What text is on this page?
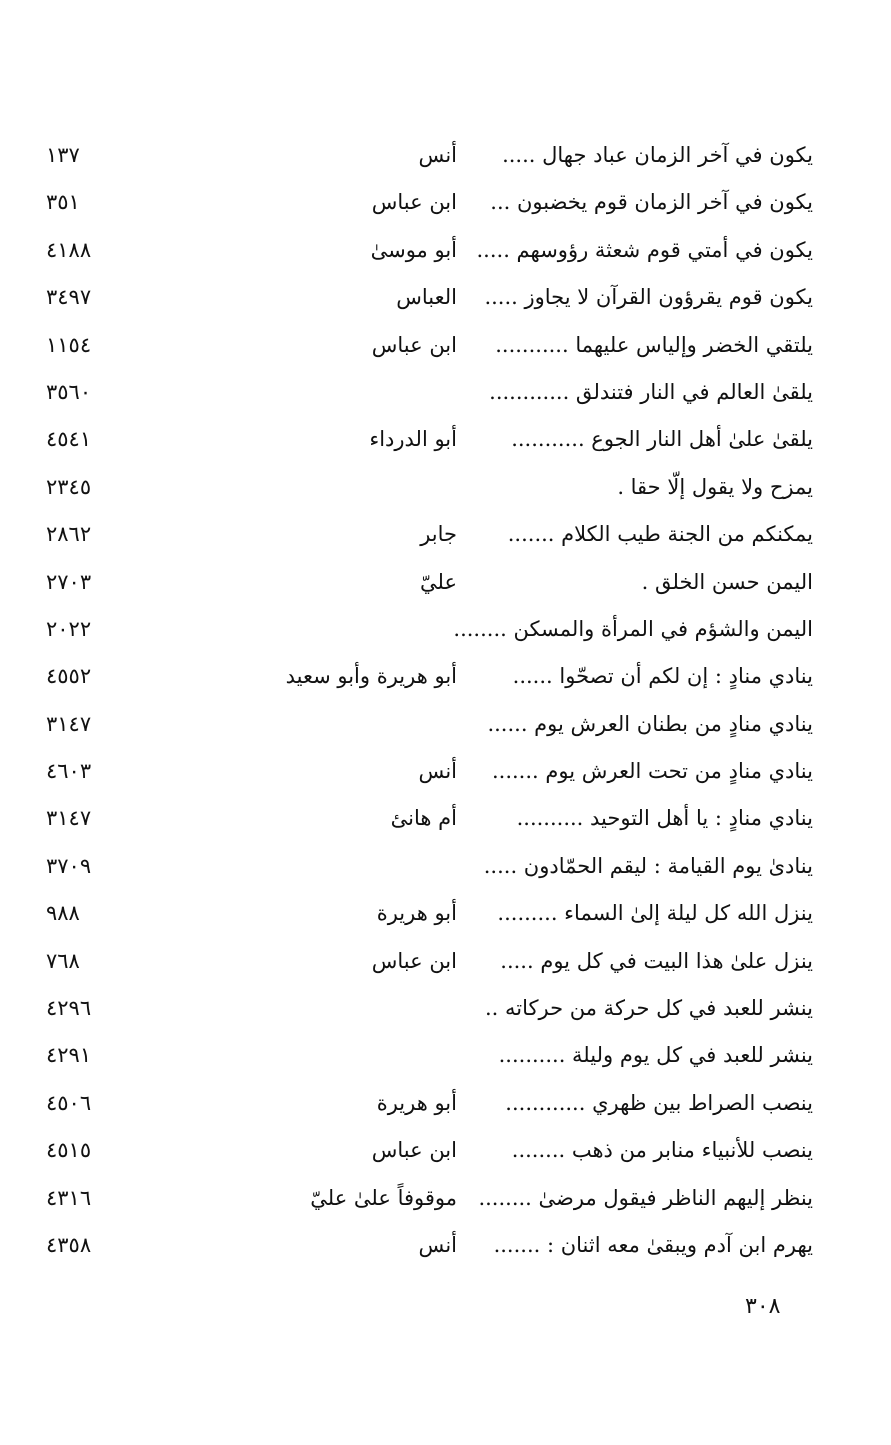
يكون في آخر الزمان عباد جهال .....
أنس
١٣٧
يكون في آخر الزمان قوم يخضبون ...
ابن عباس
٣٥١
يكون في أمتي قوم شعثة رؤوسهم .....
أبو موسىٰ
٤١٨٨
يكون قوم يقرؤون القرآن لا يجاوز .....
العباس
٣٤٩٧
يلتقي الخضر وإلياس عليهما ...........
ابن عباس
١١٥٤
يلقىٰ العالم في النار فتندلق ............
٣٥٦٠
يلقىٰ علىٰ أهل النار الجوع ...........
أبو الدرداء
٤٥٤١
يمزح ولا يقول إلّا حقا .
٢٣٤٥
يمكنكم من الجنة طيب الكلام .......
جابر
٢٨٦٢
اليمن حسن الخلق .
عليّ
٢٧٠٣
اليمن والشؤم في المرأة والمسكن ........
٢٠٢٢
ينادي منادٍ : إن لكم أن تصحّوا ......
أبو هريرة وأبو سعيد
٤٥٥٢
ينادي منادٍ من بطنان العرش يوم ......
٣١٤٧
ينادي منادٍ من تحت العرش يوم .......
أنس
٤٦٠٣
ينادي منادٍ : يا أهل التوحيد ..........
أم هانئ
٣١٤٧
ينادىٰ يوم القيامة : ليقم الحمّادون .....
٣٧٠٩
ينزل الله كل ليلة إلىٰ السماء .........
أبو هريرة
٩٨٨
ينزل علىٰ هذا البيت في كل يوم .....
ابن عباس
٧٦٨
ينشر للعبد في كل حركة من حركاته ..
٤٢٩٦
ينشر للعبد في كل يوم وليلة ..........
٤٢٩١
ينصب الصراط بين ظهري ............
أبو هريرة
٤٥٠٦
ينصب للأنبياء منابر من ذهب ........
ابن عباس
٤٥١٥
ينظر إليهم الناظر فيقول مرضىٰ ........
موقوفاً علىٰ عليّ
٤٣١٦
يهرم ابن آدم ويبقىٰ معه اثنان : .......
أنس
٤٣٥٨
٣٠٨
